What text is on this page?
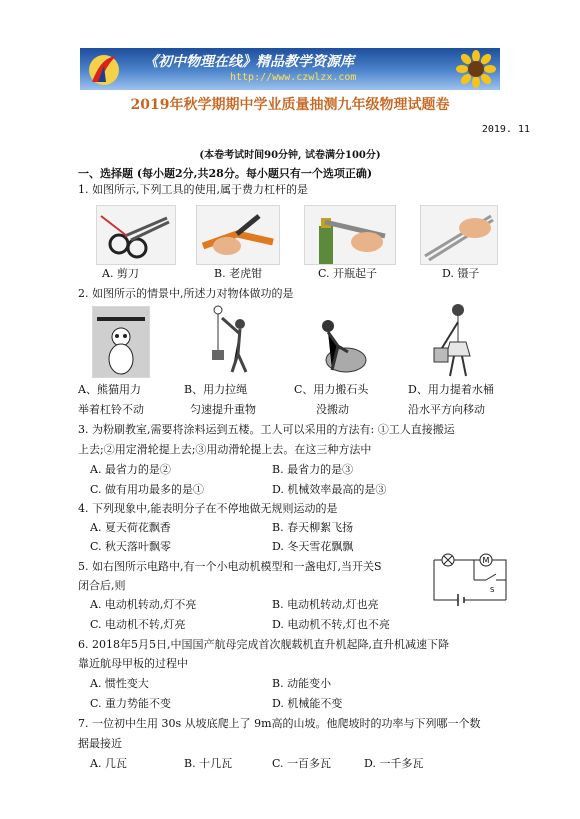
《初中物理在线》精品教学资源库
http://www.czwlzx.com
2019年秋学期期中学业质量抽测九年级物理试题卷
2019. 11
(本卷考试时间90分钟, 试卷满分100分)
一、选择题 (每小题2分,共28分。每小题只有一个选项正确)
1. 如图所示,下列工具的使用,属于费力杠杆的是
A. 剪刀	B. 老虎钳	C. 开瓶起子	D. 镊子
2. 如图所示的情景中,所述力对物体做功的是
A、熊猫用力	B、用力拉绳	C、用力搬石头	D、用力提着水桶
举着杠铃不动	匀速提升重物	没搬动	沿水平方向移动
3. 为粉刷教室,需要将涂料运到五楼。工人可以采用的方法有: ①工人直接搬运
上去;②用定滑轮提上去;③用动滑轮提上去。在这三种方法中
A. 最省力的是②	B. 最省力的是③
C. 做有用功最多的是①	D. 机械效率最高的是③
4. 下列现象中,能表明分子在不停地做无规则运动的是
A. 夏天荷花飘香	B. 春天柳絮飞扬
C. 秋天落叶飘零	D. 冬天雪花飘飘
5. 如右图所示电路中,有一个小电动机模型和一盏电灯,当开关S
闭合后,则
A. 电动机转动,灯不亮	B. 电动机转动,灯也亮
C. 电动机不转,灯亮	D. 电动机不转,灯也不亮
M
S
6. 2018年5月5日,中国国产航母完成首次舰载机直升机起降,直升机减速下降
靠近航母甲板的过程中
A. 惯性变大	B. 动能变小
C. 重力势能不变	D. 机械能不变
7. 一位初中生用 30s 从坡底爬上了 9m高的山坡。他爬坡时的功率与下列哪一个数
据最接近
A. 几瓦	B. 十几瓦	C. 一百多瓦	D. 一千多瓦
